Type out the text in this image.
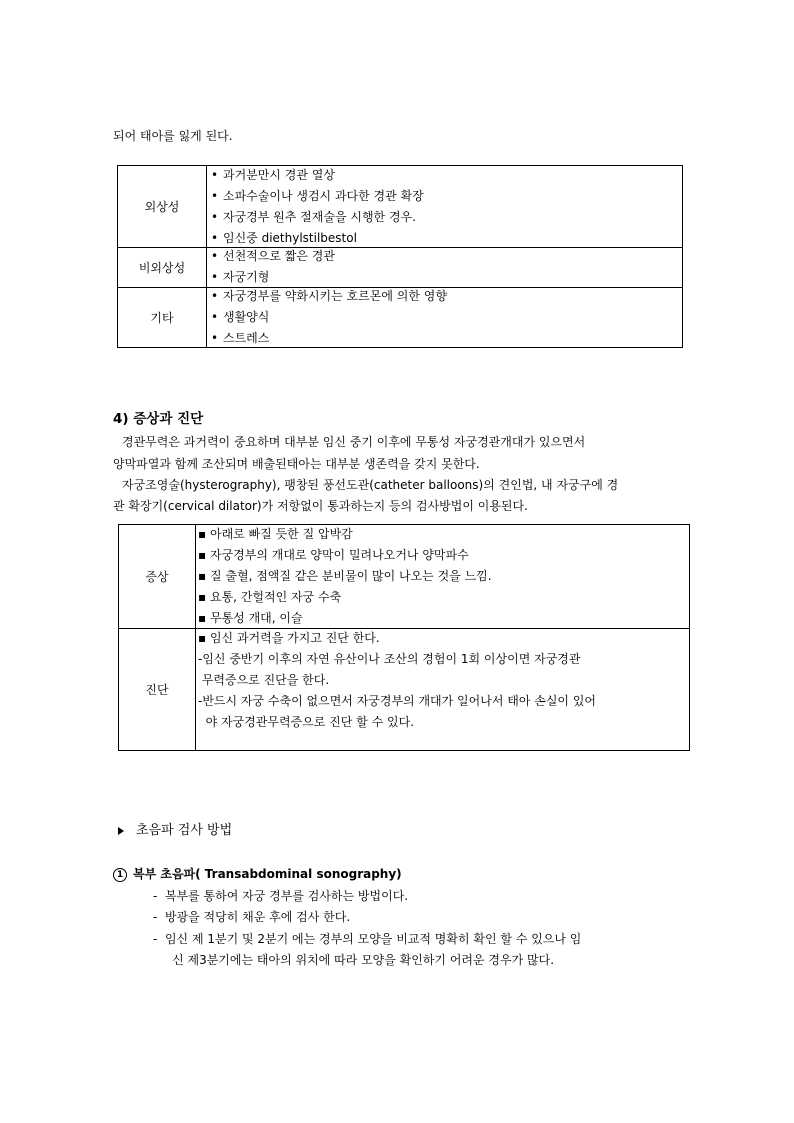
되어 태아를 잃게 된다.

외상성	• 과거분만시 경관 열상
• 소파수술이나 생검시 과다한 경관 확장
• 자궁경부 원추 절재술을 시행한 경우.
• 임신중 diethylstilbestol

비외상성	• 선천적으로 짧은 경관
• 자궁기형

기타	• 자궁경부를 약화시키는 호르몬에 의한 영향
• 생활양식
• 스트레스

4) 증상과 진단

경관무력은 과거력이 중요하며 대부분 임신 중기 이후에 무통성 자궁경관개대가 있으면서

양막파열과 함께 조산되며 배출된태아는 대부분 생존력을 갖지 못한다.

자궁조영술(hysterography), 팽창된 풍선도관(catheter balloons)의 견인법, 내 자궁구에 경

관 확장기(cervical dilator)가 저항없이 통과하는지 등의 검사방법이 이용된다.

증상	▪ 아래로 빠질 듯한 질 압박감
▪ 자궁경부의 개대로 양막이 밀려나오거나 양막파수
▪ 질 출혈, 점액질 같은 분비물이 많이 나오는 것을 느낌.
▪ 요통, 간헐적인 자궁 수축
▪ 무통성 개대, 이슬

진단	▪ 임신 과거력을 가지고 진단 한다.
-임신 중반기 이후의 자연 유산이나 조산의 경험이 1회 이상이면 자궁경관
무력증으로 진단을 한다.
-반드시 자궁 수축이 없으면서 자궁경부의 개대가 일어나서 태아 손실이 있어
야 자궁경관무력증으로 진단 할 수 있다.

초음파 검사 방법

1 복부 초음파( Transabdominal sonography)

-  복부를 통하여 자궁 경부를 검사하는 방법이다.

-  방광을 적당히 채운 후에 검사 한다.

-  임신 제 1분기 및 2분기 에는 경부의 모양을 비교적 명확히 확인 할 수 있으나 임

신 제3분기에는 태아의 위치에 따라 모양을 확인하기 어려운 경우가 많다.
